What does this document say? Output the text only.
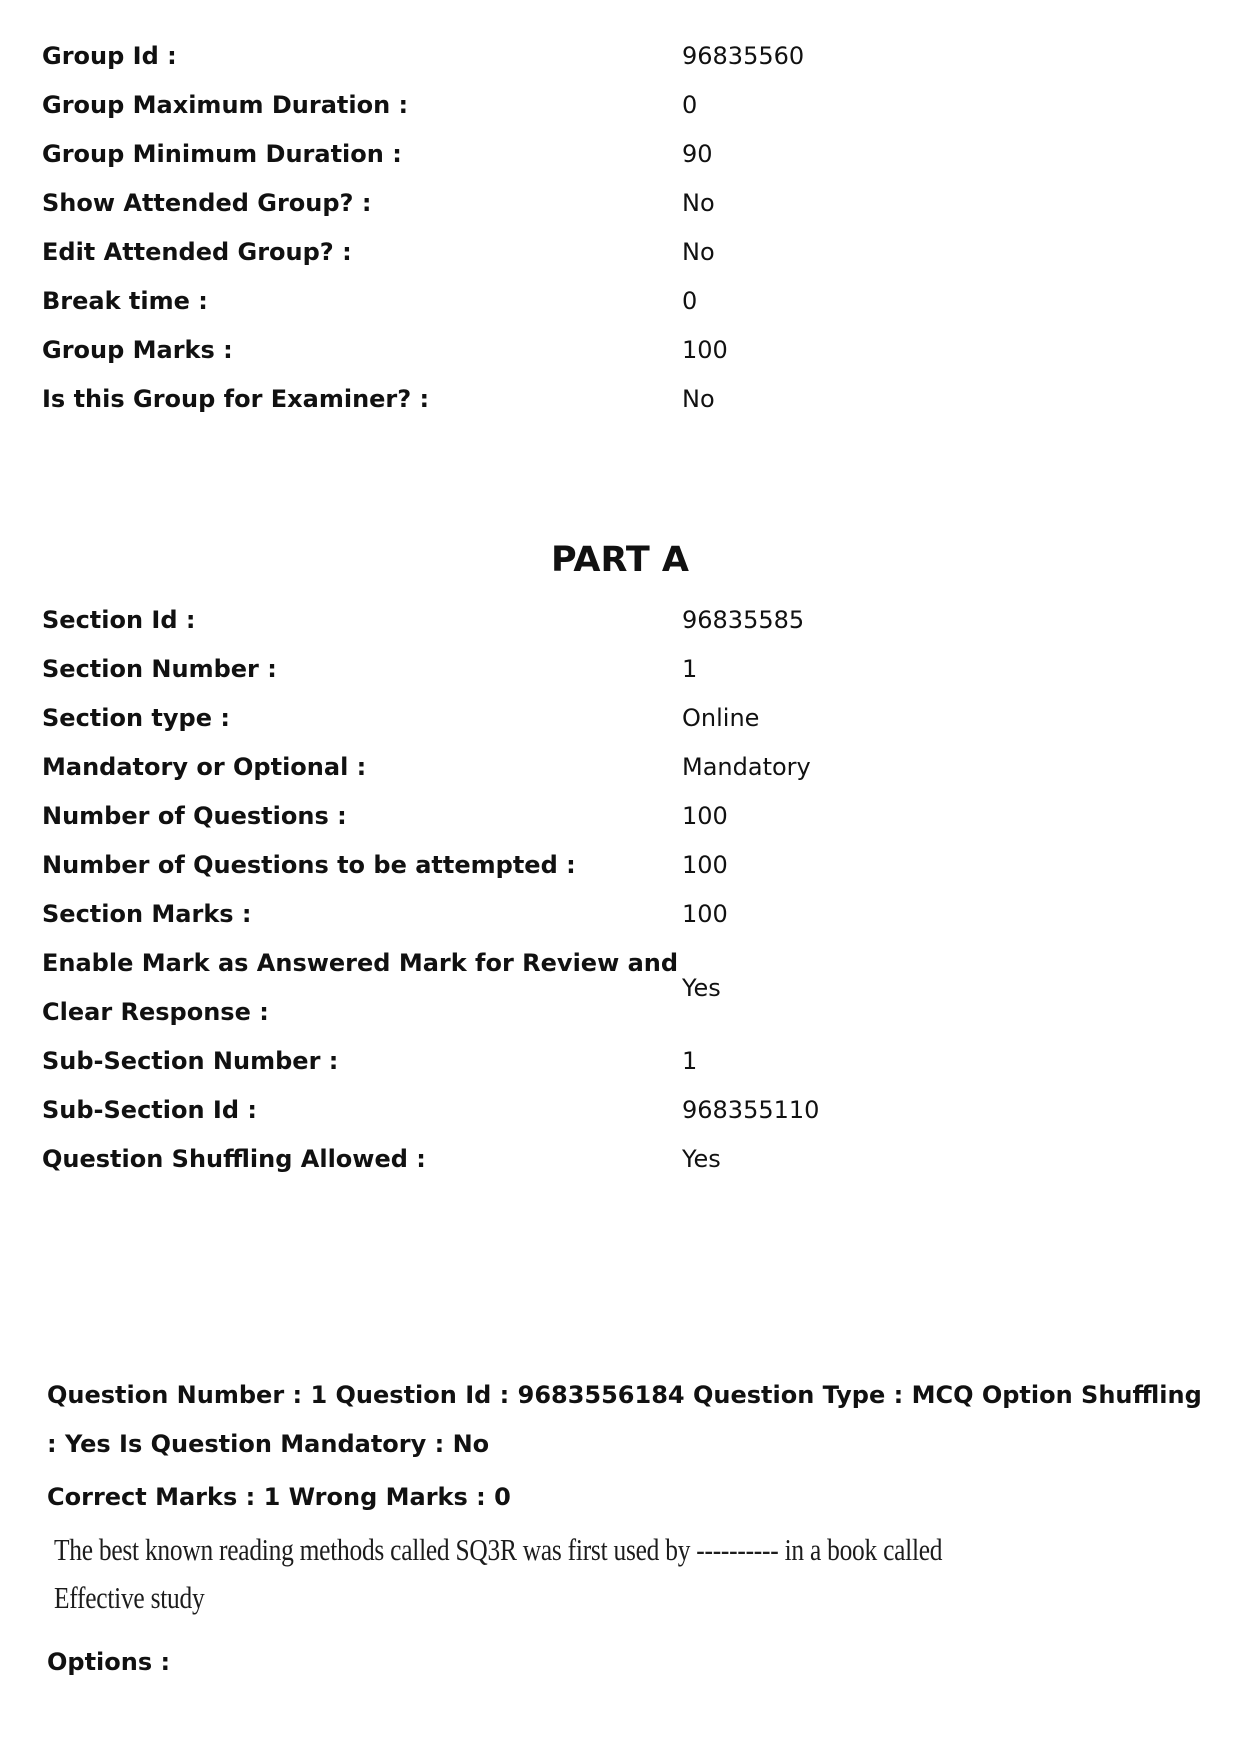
Group Id :	96835560
Group Maximum Duration :	0
Group Minimum Duration :	90
Show Attended Group? :	No
Edit Attended Group? :	No
Break time :	0
Group Marks :	100
Is this Group for Examiner? :	No
PART A
Section Id :	96835585
Section Number :	1
Section type :	Online
Mandatory or Optional :	Mandatory
Number of Questions :	100
Number of Questions to be attempted :	100
Section Marks :	100
Enable Mark as Answered Mark for Review and
Clear Response :	Yes
Sub-Section Number :	1
Sub-Section Id :	968355110
Question Shuffling Allowed :	Yes
Question Number : 1 Question Id : 9683556184 Question Type : MCQ Option Shuffling : Yes Is Question Mandatory : No
Correct Marks : 1 Wrong Marks : 0
The best known reading methods called SQ3R was first used by ---------- in a book called
Effective study
Options :
